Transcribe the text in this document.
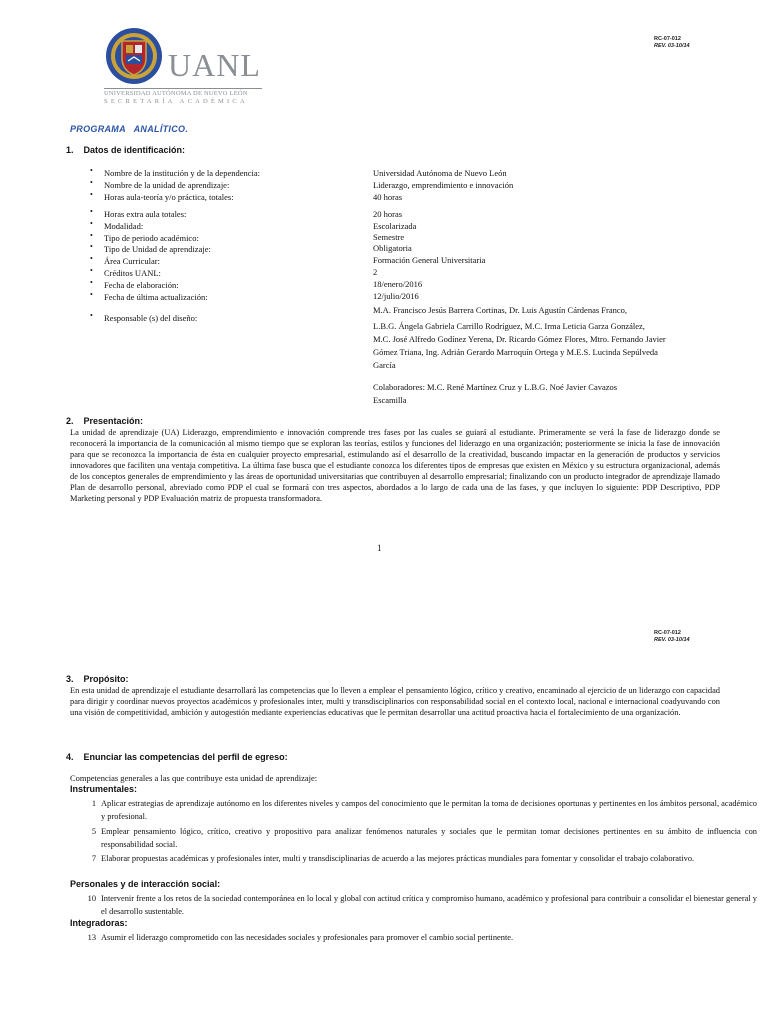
UANL
UNIVERSIDAD AUTÓNOMA DE NUEVO LEÓN
SECRETARÍA ACADÉMICA
RC-07-012
REV. 03-10/14
PROGRAMA   ANALÍTICO.
1.    Datos de identificación:
• Nombre de la institución y de la dependencia:	Universidad Autónoma de Nuevo León
• Nombre de la unidad de aprendizaje:	Liderazgo, emprendimiento e innovación
• Horas aula-teoría y/o práctica, totales:	40 horas
• Horas extra aula totales:	20 horas
• Modalidad:	Escolarizada
• Tipo de periodo académico:	Semestre
• Tipo de Unidad de aprendizaje:	Obligatoria
• Área Curricular:	Formación General Universitaria
• Créditos UANL:	2
• Fecha de elaboración:	18/enero/2016
• Fecha de última actualización:	12/julio/2016
• Responsable (s) del diseño:
M.A. Francisco Jesús Barrera Cortinas, Dr. Luis Agustín Cárdenas Franco,
L.B.G. Ángela Gabriela Carrillo Rodríguez, M.C. Irma Leticia Garza González,
M.C. José Alfredo Godínez Yerena, Dr. Ricardo Gómez Flores, Mtro. Fernando Javier
Gómez Triana, Ing. Adrián Gerardo Marroquín Ortega y M.E.S. Lucinda Sepúlveda
García
Colaboradores: M.C. René Martínez Cruz y L.B.G. Noé Javier Cavazos
Escamilla
2.    Presentación:
La unidad de aprendizaje (UA) Liderazgo, emprendimiento e innovación comprende tres fases por las cuales se guiará al estudiante. Primeramente se verá la fase de liderazgo donde se reconocerá la importancia de la comunicación al mismo tiempo que se exploran las teorías, estilos y funciones del liderazgo en una organización; posteriormente se inicia la fase de innovación para que se reconozca la importancia de ésta en cualquier proyecto empresarial, estimulando así el desarrollo de la creatividad, buscando impactar en la generación de productos y servicios innovadores que faciliten una ventaja competitiva. La última fase busca que el estudiante conozca los diferentes tipos de empresas que existen en México y su estructura organizacional, además de los conceptos generales de emprendimiento y las áreas de oportunidad universitarias que contribuyen al desarrollo empresarial; finalizando con un producto integrador de aprendizaje llamado Plan de desarrollo personal, abreviado como PDP el cual se formará con tres aspectos, abordados a lo largo de cada una de las fases, y que incluyen lo siguiente: PDP Descriptivo, PDP Marketing personal y PDP Evaluación matriz de propuesta transformadora.
1
RC-07-012
REV. 03-10/14
3.    Propósito:
En esta unidad de aprendizaje el estudiante desarrollará las competencias que lo lleven a emplear el pensamiento lógico, crítico y creativo, encaminado al ejercicio de un liderazgo con capacidad para dirigir y coordinar nuevos proyectos académicos y profesionales inter, multi y transdisciplinarios con responsabilidad social en el contexto local, nacional e internacional coadyuvando con una visión de competitividad, ambición y autogestión mediante experiencias educativas que le permitan desarrollar una actitud proactiva hacia el fortalecimiento de una organización.
4.    Enunciar las competencias del perfil de egreso:
Competencias generales a las que contribuye esta unidad de aprendizaje:
Instrumentales:
1 Aplicar estrategias de aprendizaje autónomo en los diferentes niveles y campos del conocimiento que le permitan la toma de decisiones oportunas y pertinentes en los ámbitos personal, académico y profesional.
5 Emplear pensamiento lógico, crítico, creativo y propositivo para analizar fenómenos naturales y sociales que le permitan tomar decisiones pertinentes en su ámbito de influencia con responsabilidad social.
7 Elaborar propuestas académicas y profesionales inter, multi y transdisciplinarias de acuerdo a las mejores prácticas mundiales para fomentar y consolidar el trabajo colaborativo.
Personales y de interacción social:
10 Intervenir frente a los retos de la sociedad contemporánea en lo local y global con actitud crítica y compromiso humano, académico y profesional para contribuir a consolidar el bienestar general y el desarrollo sustentable.
Integradoras:
13 Asumir el liderazgo comprometido con las necesidades sociales y profesionales para promover el cambio social pertinente.
